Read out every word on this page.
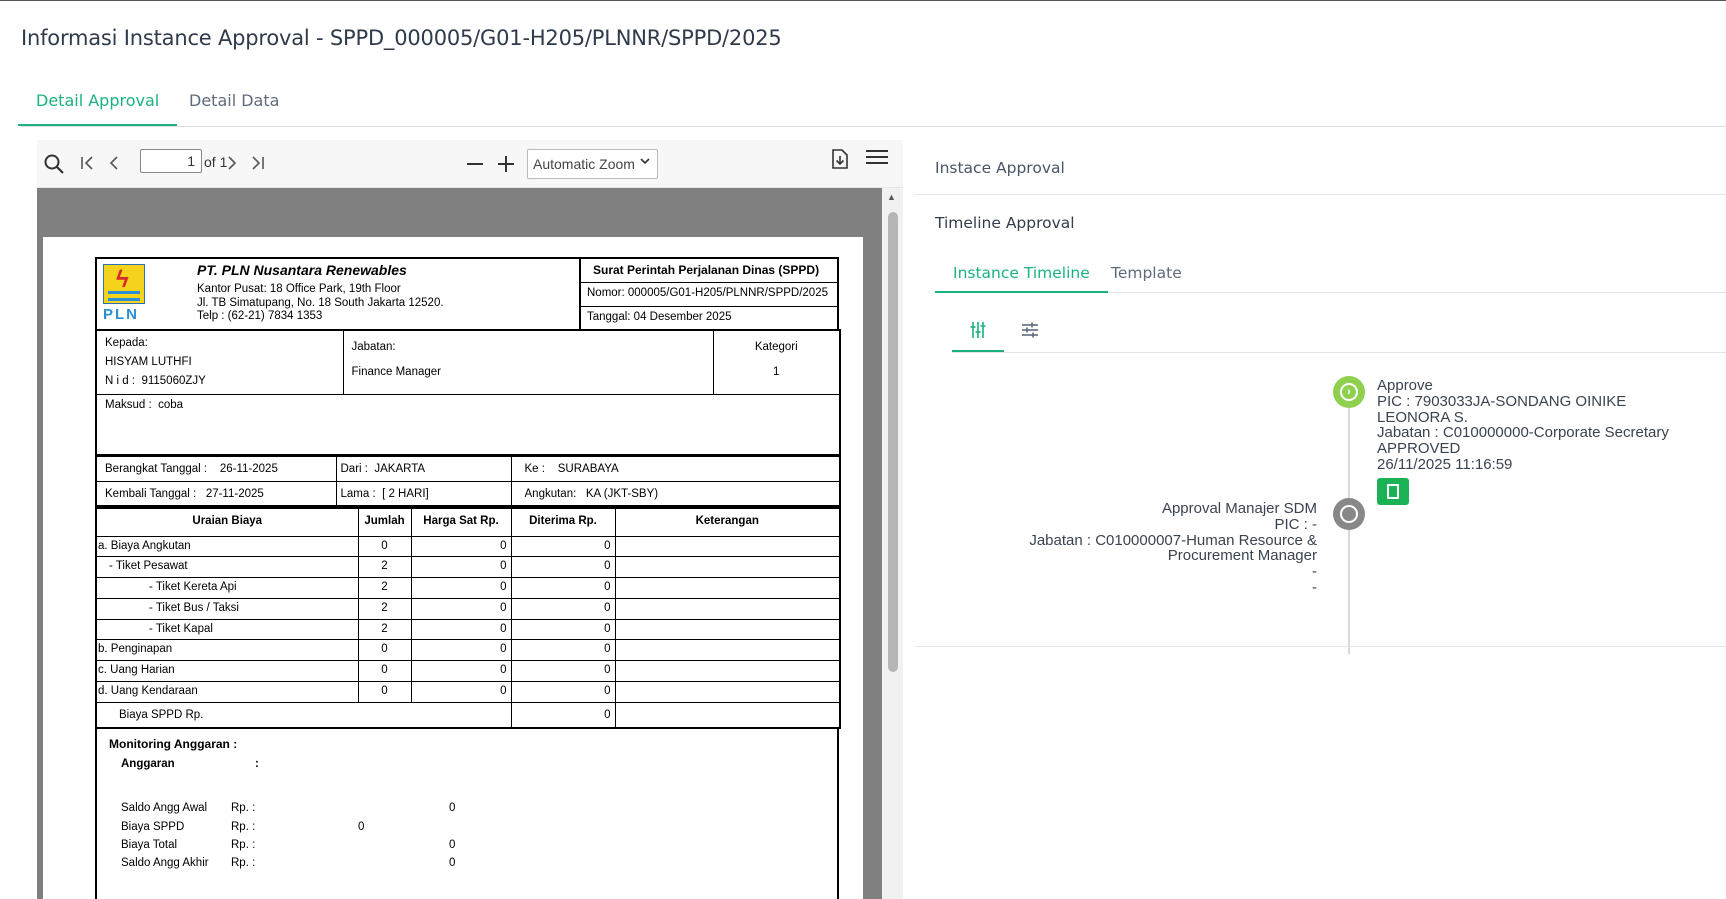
Informasi Instance Approval - SPPD_000005/G01-H205/PLNNR/SPPD/2025
Detail Approval	Detail Data
1 of 1	Automatic Zoom
ϟ
PLN
PT. PLN Nusantara Renewables
Kantor Pusat: 18 Office Park, 19th Floor
Jl. TB Simatupang, No. 18 South Jakarta 12520.
Telp : (62-21) 7834 1353
Surat Perintah Perjalanan Dinas (SPPD)
Nomor: 000005/G01-H205/PLNNR/SPPD/2025
Tanggal: 04 Desember 2025
Kepada:
HISYAM LUTHFI
N i d : 9115060ZJY

Jabatan:
Finance Manager

Kategori
1

Maksud : coba
Berangkat Tanggal : 26-11-2025	Dari : JAKARTA	Ke : SURABAYA
Kembali Tanggal : 27-11-2025	Lama : [ 2 HARI]	Angkutan: KA (JKT-SBY)
Uraian Biaya	Jumlah	Harga Sat Rp.	Diterima Rp.	Keterangan
a. Biaya Angkutan	0	0	0	
- Tiket Pesawat	2	0	0	
- Tiket Kereta Api	2	0	0	
- Tiket Bus / Taksi	2	0	0	
- Tiket Kapal	2	0	0	
b. Penginapan	0	0	0	
c. Uang Harian	0	0	0	
d. Uang Kendaraan	0	0	0	
Biaya SPPD Rp.			0	
Monitoring Anggaran :
Anggaran	:
Saldo Angg Awal Rp. :	0
Biaya SPPD	Rp. :	0
Biaya Total	Rp. :	0
Saldo Angg Akhir Rp. :	0
▲
Instace Approval
Timeline Approval
Instance Timeline	Template
›	Approve
PIC : 7903033JA-SONDANG OINIKE LEONORA S.
Jabatan : C010000000-Corporate Secretary
APPROVED
26/11/2025 11:16:59
Approval Manajer SDM
PIC : -
Jabatan : C010000007-Human Resource & Procurement Manager
-
-
